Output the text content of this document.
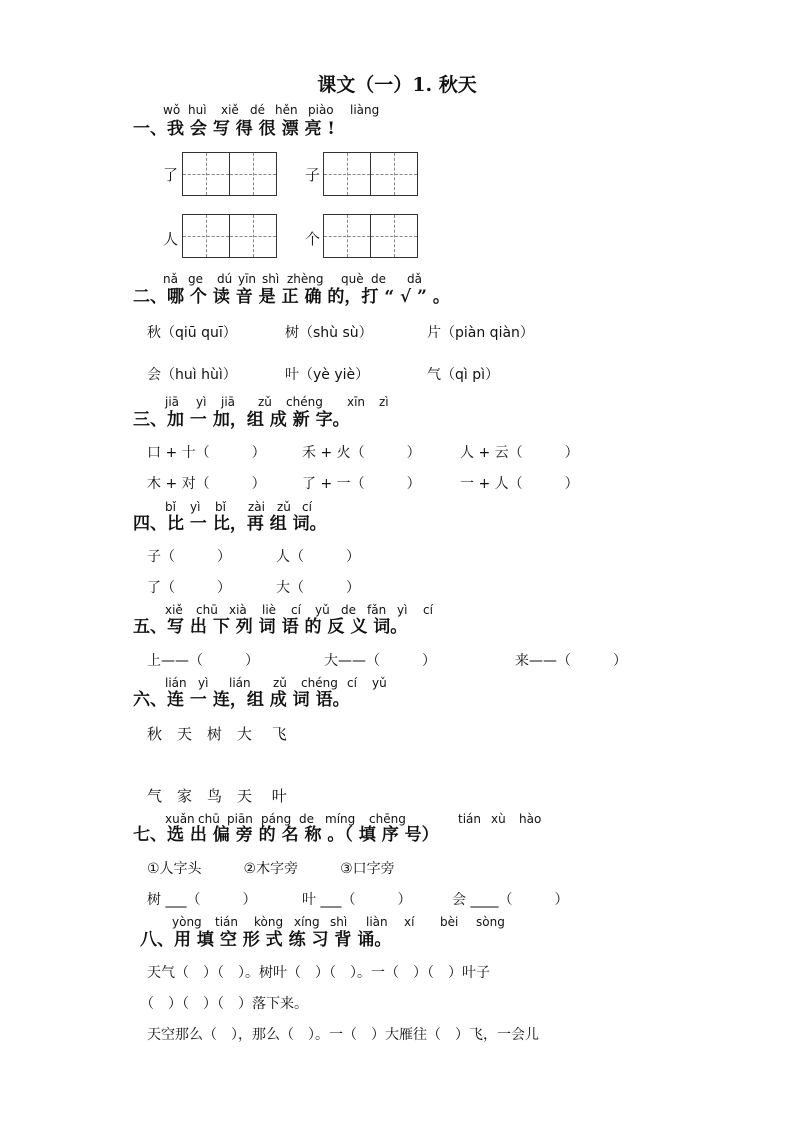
课文（一）1. 秋天
wǒ huì xiě dé hěn piào liàng
一、我 会 写 得 很 漂 亮 !
了	子
人	个
nǎ ge dú yīn shì zhèng què de dǎ
二、哪 个 读 音 是 正 确 的，打 “ √ ” 。
秋（qiū quī）	树（shù sù）	片（piàn qiàn）
会（huì hùì）	叶（yè yiè）	气（qì pì）
jiā yì jiā zǔ chéng xīn zì
三、加 一 加，组 成 新 字。
口 + 十（　　　）	禾 + 火（　　　）	人 + 云（　　　）
木 + 对（　　　）	了 + 一（　　　）	一 + 人（　　　）
bǐ yì bǐ zài zǔ cí
四、比 一 比，再 组 词。
子（　　　）	人（　　　）
了（　　　）	大（　　　）
xiě chū xià liè cí yǔ de fǎn yì cí
五、写 出 下 列 词 语 的 反 义 词。
上——（　　　）	大——（　　　）	来——（　　　）
lián yì lián zǔ chéng cí yǔ
六、连 一 连，组 成 词 语。
秋　天　树　大　 飞
气　家　鸟　天　 叶
xuǎn chū piān páng de míng chēng	tián xù hào
七、选 出 偏 旁 的 名 称 。（ 填 序 号）
①人字头　　　②木字旁　　　③口字旁
树 ___（　　　）	叶 ___（　　　）	会 ____（　　　）
yòng tián kòng xíng shì liàn xí bèi sòng
八、用 填 空 形 式 练 习 背 诵。
天气（　）（　）。树叶（　）（　）。一（　）（　）叶子
（　）（　）（　）落下来。
天空那么（　），那么（　）。一（　）大雁往（　）飞，一会儿
